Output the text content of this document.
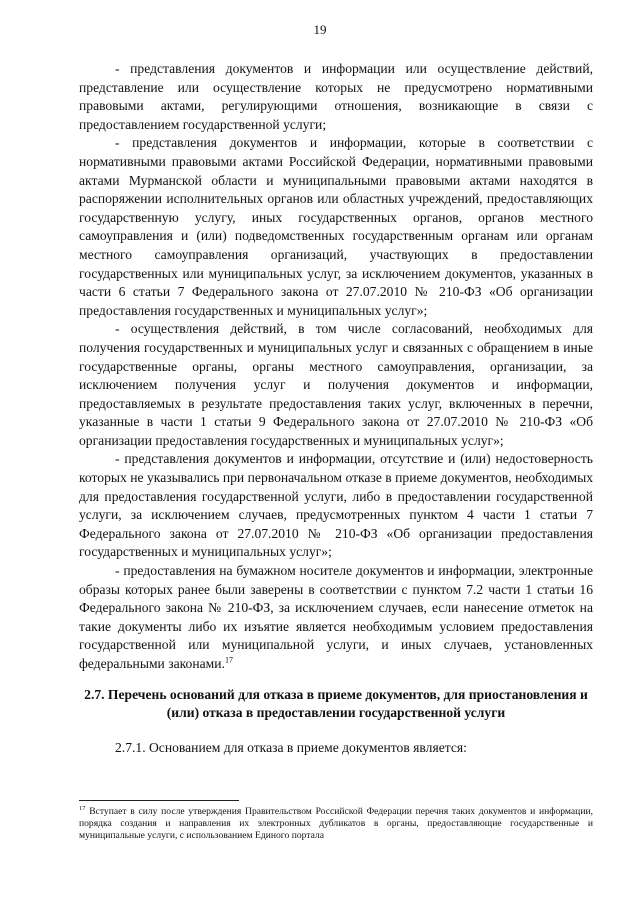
19

- представления документов и информации или осуществление действий, представление или осуществление которых не предусмотрено нормативными правовыми актами, регулирующими отношения, возникающие в связи с предоставлением государственной услуги;

- представления документов и информации, которые в соответствии с нормативными правовыми актами Российской Федерации, нормативными правовыми актами Мурманской области и муниципальными правовыми актами находятся в распоряжении исполнительных органов или областных учреждений, предоставляющих государственную услугу, иных государственных органов, органов местного самоуправления и (или) подведомственных государственным органам или органам местного самоуправления организаций, участвующих в предоставлении государственных или муниципальных услуг, за исключением документов, указанных в части 6 статьи 7 Федерального закона от 27.07.2010 № 210-ФЗ «Об организации предоставления государственных и муниципальных услуг»;

- осуществления действий, в том числе согласований, необходимых для получения государственных и муниципальных услуг и связанных с обращением в иные государственные органы, органы местного самоуправления, организации, за исключением получения услуг и получения документов и информации, предоставляемых в результате предоставления таких услуг, включенных в перечни, указанные в части 1 статьи 9 Федерального закона от 27.07.2010 № 210-ФЗ «Об организации предоставления государственных и муниципальных услуг»;

- представления документов и информации, отсутствие и (или) недостоверность которых не указывались при первоначальном отказе в приеме документов, необходимых для предоставления государственной услуги, либо в предоставлении государственной услуги, за исключением случаев, предусмотренных пунктом 4 части 1 статьи 7 Федерального закона от 27.07.2010 № 210-ФЗ «Об организации предоставления государственных и муниципальных услуг»;

- предоставления на бумажном носителе документов и информации, электронные образы которых ранее были заверены в соответствии с пунктом 7.2 части 1 статьи 16 Федерального закона № 210-ФЗ, за исключением случаев, если нанесение отметок на такие документы либо их изъятие является необходимым условием предоставления государственной или муниципальной услуги, и иных случаев, установленных федеральными законами.$^{17}$

2.7. Перечень оснований для отказа в приеме документов, для приостановления и (или) отказа в предоставлении государственной услуги

2.7.1. Основанием для отказа в приеме документов является:

$^{17}$ Вступает в силу после утверждения Правительством Российской Федерации перечня таких документов и информации, порядка создания и направления их электронных дубликатов в органы, предоставляющие государственные и муниципальные услуги, с использованием Единого портала
